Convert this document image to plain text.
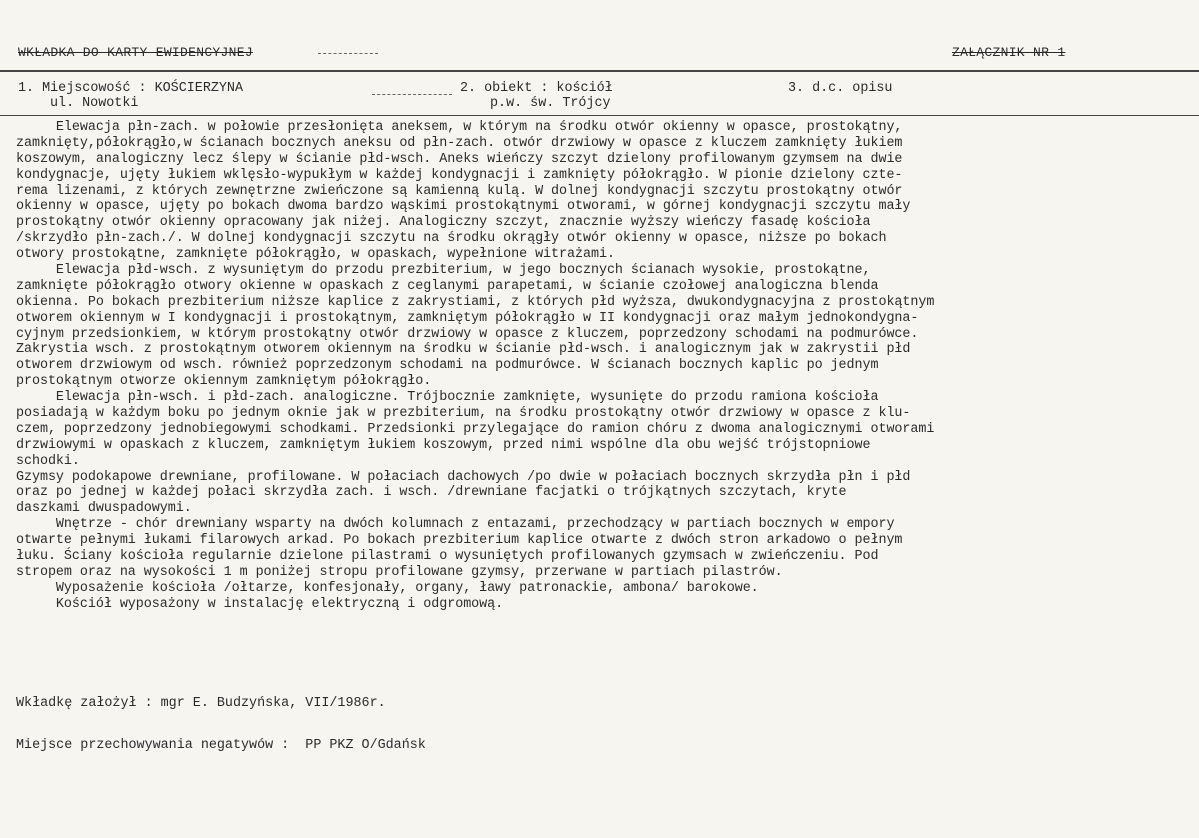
WKŁADKA DO KARTY EWIDENCYJNEJ	ZAŁĄCZNIK NR 1
1. Miejscowość : KOŚCIERZYNA
ul. Nowotki
2. obiekt : kościół
p.w. św. Trójcy
3. d.c. opisu
Elewacja płn-zach. w połowie przesłonięta aneksem, w którym na środku otwór okienny w opasce, prostokątny,
zamknięty,półokrągło,w ścianach bocznych aneksu od płn-zach. otwór drzwiowy w opasce z kluczem zamknięty łukiem
koszowym, analogiczny lecz ślepy w ścianie płd-wsch. Aneks wieńczy szczyt dzielony profilowanym gzymsem na dwie
kondygnacje, ujęty łukiem wklęsło-wypukłym w każdej kondygnacji i zamknięty półokrągło. W pionie dzielony czte-
rema lizenami, z których zewnętrzne zwieńczone są kamienną kulą. W dolnej kondygnacji szczytu prostokątny otwór
okienny w opasce, ujęty po bokach dwoma bardzo wąskimi prostokątnymi otworami, w górnej kondygnacji szczytu mały
prostokątny otwór okienny opracowany jak niżej. Analogiczny szczyt, znacznie wyższy wieńczy fasadę kościoła
/skrzydło płn-zach./. W dolnej kondygnacji szczytu na środku okrągły otwór okienny w opasce, niższe po bokach
otwory prostokątne, zamknięte półokrągło, w opaskach, wypełnione witrażami.
Elewacja płd-wsch. z wysuniętym do przodu prezbiterium, w jego bocznych ścianach wysokie, prostokątne,
zamknięte półokrągło otwory okienne w opaskach z ceglanymi parapetami, w ścianie czołowej analogiczna blenda
okienna. Po bokach prezbiterium niższe kaplice z zakrystiami, z których płd wyższa, dwukondygnacyjna z prostokątnym
otworem okiennym w I kondygnacji i prostokątnym, zamkniętym półokrągło w II kondygnacji oraz małym jednokondygna-
cyjnym przedsionkiem, w którym prostokątny otwór drzwiowy w opasce z kluczem, poprzedzony schodami na podmurówce.
Zakrystia wsch. z prostokątnym otworem okiennym na środku w ścianie płd-wsch. i analogicznym jak w zakrystii płd
otworem drzwiowym od wsch. również poprzedzonym schodami na podmurówce. W ścianach bocznych kaplic po jednym
prostokątnym otworze okiennym zamkniętym półokrągło.
Elewacja płn-wsch. i płd-zach. analogiczne. Trójbocznie zamknięte, wysunięte do przodu ramiona kościoła
posiadają w każdym boku po jednym oknie jak w prezbiterium, na środku prostokątny otwór drzwiowy w opasce z klu-
czem, poprzedzony jednobiegowymi schodkami. Przedsionki przylegające do ramion chóru z dwoma analogicznymi otworami
drzwiowymi w opaskach z kluczem, zamkniętym łukiem koszowym, przed nimi wspólne dla obu wejść trójstopniowe
schodki.
Gzymsy podokapowe drewniane, profilowane. W połaciach dachowych /po dwie w połaciach bocznych skrzydła płn i płd
oraz po jednej w każdej połaci skrzydła zach. i wsch. /drewniane facjatki o trójkątnych szczytach, kryte
daszkami dwuspadowymi.
Wnętrze - chór drewniany wsparty na dwóch kolumnach z entazami, przechodzący w partiach bocznych w empory
otwarte pełnymi łukami filarowych arkad. Po bokach prezbiterium kaplice otwarte z dwóch stron arkadowo o pełnym
łuku. Ściany kościoła regularnie dzielone pilastrami o wysuniętych profilowanych gzymsach w zwieńczeniu. Pod
stropem oraz na wysokości 1 m poniżej stropu profilowane gzymsy, przerwane w partiach pilastrów.
Wyposażenie kościoła /ołtarze, konfesjonały, organy, ławy patronackie, ambona/ barokowe.
Kościół wyposażony w instalację elektryczną i odgromową.
Wkładkę założył : mgr E. Budzyńska, VII/1986r.
Miejsce przechowywania negatywów :  PP PKZ O/Gdańsk
